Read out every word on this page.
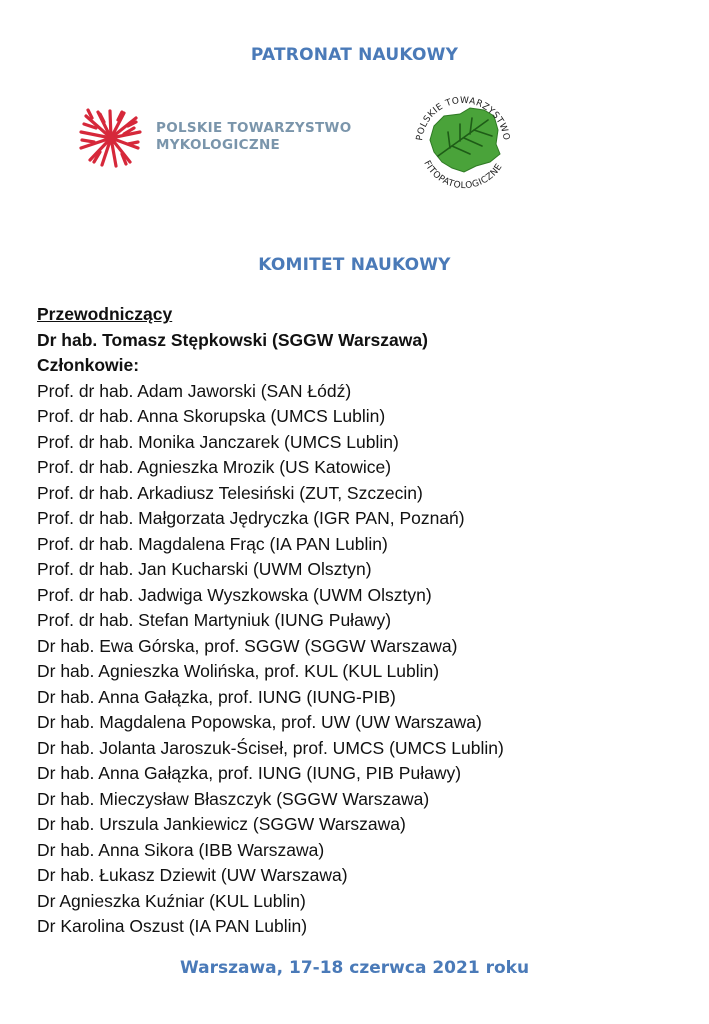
PATRONAT NAUKOWY
POLSKIE TOWARZYSTWO
MYKOLOGICZNE	POLSKIE TOWARZYSTWO
FITOPATOLOGICZNE
KOMITET NAUKOWY
Przewodniczący
Dr hab. Tomasz Stępkowski (SGGW Warszawa)
Członkowie:
Prof. dr hab. Adam Jaworski (SAN Łódź)
Prof. dr hab. Anna Skorupska (UMCS Lublin)
Prof. dr hab. Monika Janczarek (UMCS Lublin)
Prof. dr hab. Agnieszka Mrozik (US Katowice)
Prof. dr hab. Arkadiusz Telesiński (ZUT, Szczecin)
Prof. dr hab. Małgorzata Jędryczka (IGR PAN, Poznań)
Prof. dr hab. Magdalena Frąc (IA PAN Lublin)
Prof. dr hab. Jan Kucharski (UWM Olsztyn)
Prof. dr hab. Jadwiga Wyszkowska (UWM Olsztyn)
Prof. dr hab. Stefan Martyniuk (IUNG Puławy)
Dr hab. Ewa Górska, prof. SGGW (SGGW Warszawa)
Dr hab. Agnieszka Wolińska, prof. KUL (KUL Lublin)
Dr hab. Anna Gałązka, prof. IUNG (IUNG-PIB)
Dr hab. Magdalena Popowska, prof. UW (UW Warszawa)
Dr hab. Jolanta Jaroszuk-Ściseł, prof. UMCS (UMCS Lublin)
Dr hab. Anna Gałązka, prof. IUNG (IUNG, PIB Puławy)
Dr hab. Mieczysław Błaszczyk (SGGW Warszawa)
Dr hab. Urszula Jankiewicz (SGGW Warszawa)
Dr hab. Anna Sikora (IBB Warszawa)
Dr hab. Łukasz Dziewit (UW Warszawa)
Dr Agnieszka Kuźniar (KUL Lublin)
Dr Karolina Oszust (IA PAN Lublin)
Warszawa, 17-18 czerwca 2021 roku
